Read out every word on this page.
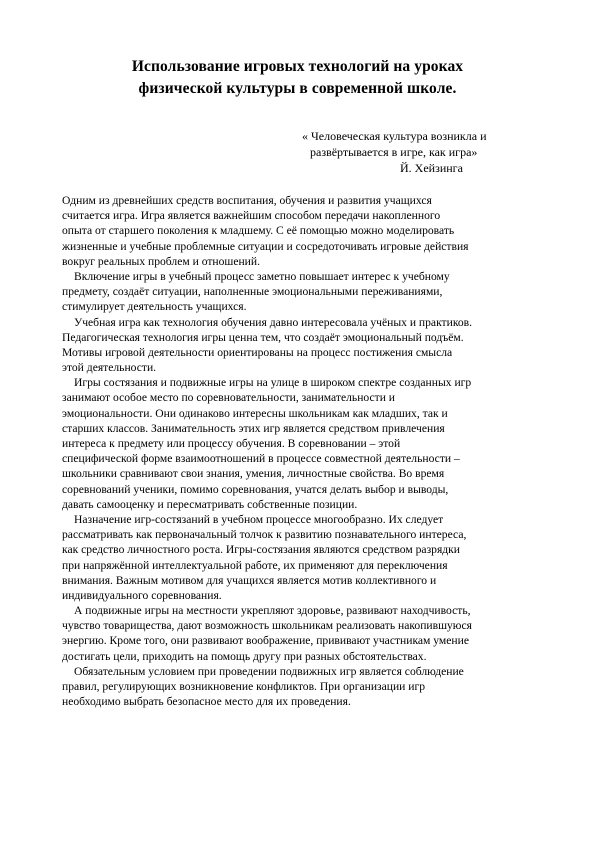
Использование игровых технологий на уроках
физической культуры в современной школе.
« Человеческая культура возникла и
развёртывается в игре, как игра»
Й. Хейзинга
Одним из древнейших средств воспитания, обучения и развития учащихся
считается игра. Игра является важнейшим способом передачи накопленного
опыта от старшего поколения к младшему. С её помощью можно моделировать
жизненные и учебные проблемные ситуации и сосредоточивать игровые действия
вокруг реальных проблем и отношений.
Включение игры в учебный процесс заметно повышает интерес к учебному
предмету, создаёт ситуации, наполненные эмоциональными переживаниями,
стимулирует деятельность учащихся.
Учебная игра как технология обучения давно интересовала учёных и практиков.
Педагогическая технология игры ценна тем, что создаёт эмоциональный подъём.
Мотивы игровой деятельности ориентированы на процесс постижения смысла
этой деятельности.
Игры состязания и подвижные игры на улице в широком спектре созданных игр
занимают особое место по соревновательности, занимательности и
эмоциональности. Они одинаково интересны школьникам как младших, так и
старших классов. Занимательность этих игр является средством привлечения
интереса к предмету или процессу обучения. В соревновании – этой
специфической форме взаимоотношений в процессе совместной деятельности –
школьники сравнивают свои знания, умения, личностные свойства. Во время
соревнований ученики, помимо соревнования, учатся делать выбор и выводы,
давать самооценку и пересматривать собственные позиции.
Назначение игр-состязаний в учебном процессе многообразно. Их следует
рассматривать как первоначальный толчок к развитию познавательного интереса,
как средство личностного роста. Игры-состязания являются средством разрядки
при напряжённой интеллектуальной работе, их применяют для переключения
внимания. Важным мотивом для учащихся является мотив коллективного и
индивидуального соревнования.
А подвижные игры на местности укрепляют здоровье, развивают находчивость,
чувство товарищества, дают возможность школьникам реализовать накопившуюся
энергию. Кроме того, они развивают воображение, прививают участникам умение
достигать цели, приходить на помощь другу при разных обстоятельствах.
Обязательным условием при проведении подвижных игр является соблюдение
правил, регулирующих возникновение конфликтов. При организации игр
необходимо выбрать безопасное место для их проведения.
